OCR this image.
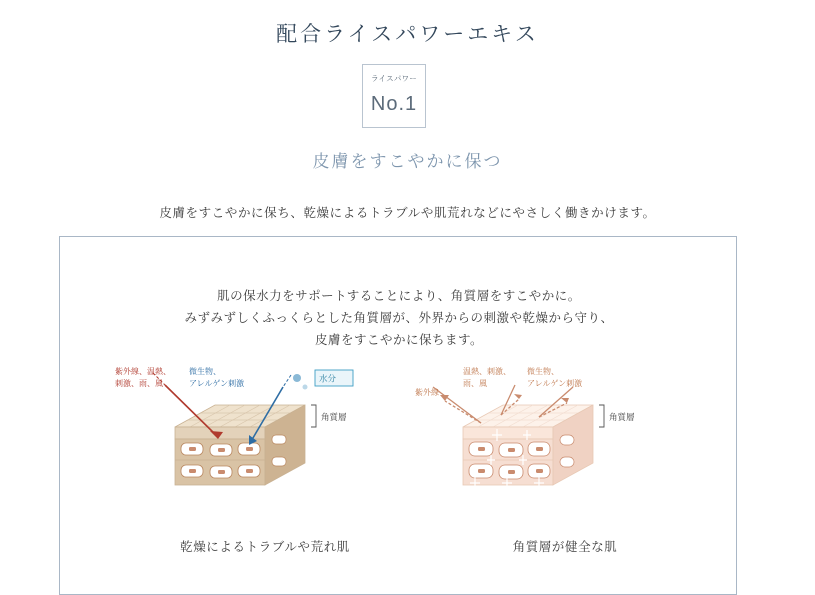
配合ライスパワーエキス
ライスパワー
No.1
皮膚をすこやかに保つ
皮膚をすこやかに保ち、乾燥によるトラブルや肌荒れなどにやさしく働きかけます。
肌の保水力をサポートすることにより、角質層をすこやかに。
みずみずしくふっくらとした角質層が、外界からの刺激や乾燥から守り、
皮膚をすこやかに保ちます。
角質層
水分
紫外線、温熱、
刺激、雨、風
微生物、
アレルゲン刺激
乾燥によるトラブルや荒れ肌
角質層
紫外線
温熱、刺激、
雨、風
微生物、
アレルゲン刺激
角質層が健全な肌
